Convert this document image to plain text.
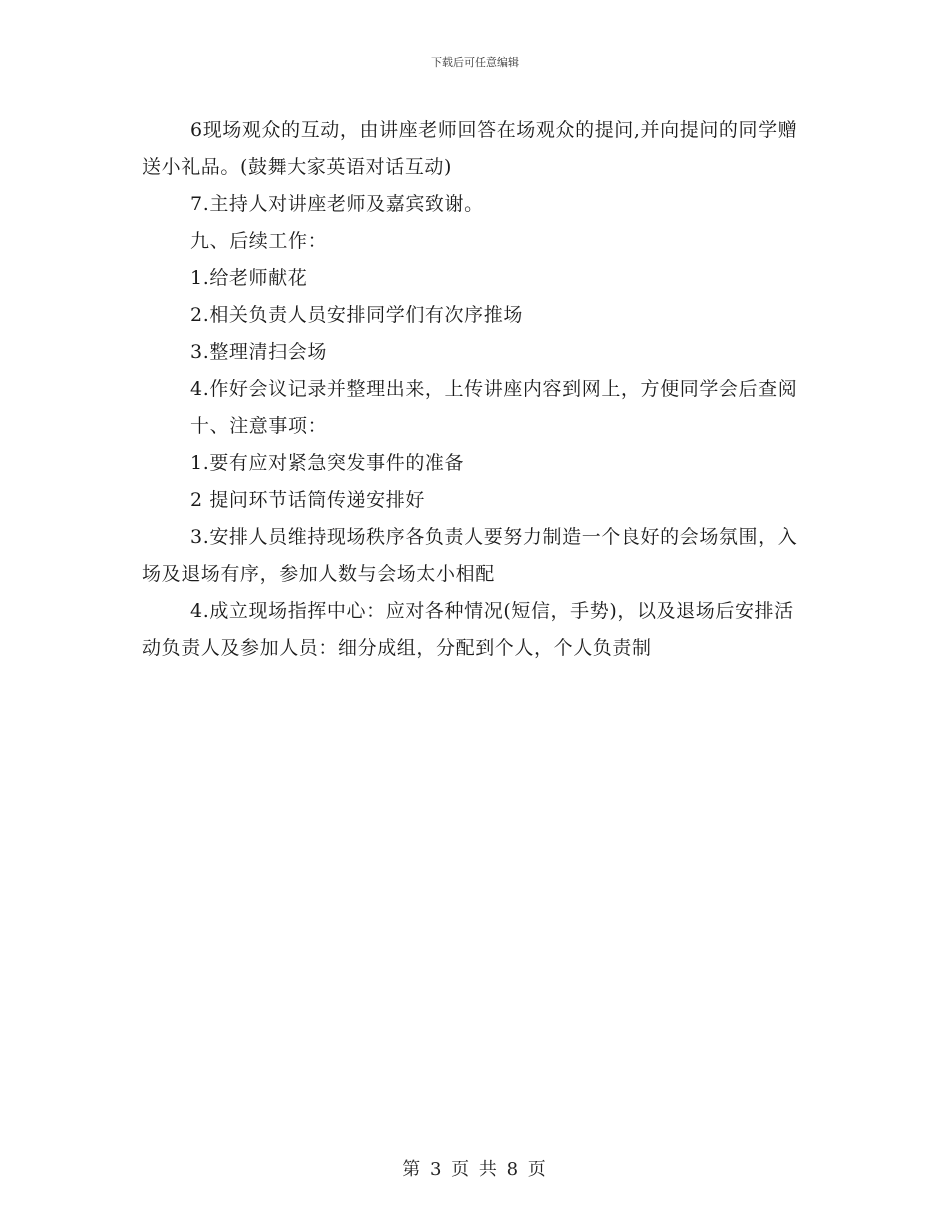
下载后可任意编辑

6现场观众的互动，由讲座老师回答在场观众的提问,并向提问的同学赠送小礼品。(鼓舞大家英语对话互动)

7.主持人对讲座老师及嘉宾致谢。

九、后续工作：

1.给老师献花

2.相关负责人员安排同学们有次序推场

3.整理清扫会场

4.作好会议记录并整理出来，上传讲座内容到网上，方便同学会后查阅

十、注意事项：

1.要有应对紧急突发事件的准备

2 提问环节话筒传递安排好

3.安排人员维持现场秩序各负责人要努力制造一个良好的会场氛围，入场及退场有序，参加人数与会场太小相配

4.成立现场指挥中心：应对各种情况(短信，手势)，以及退场后安排活动负责人及参加人员：细分成组，分配到个人，个人负责制

第 3 页 共 8 页
